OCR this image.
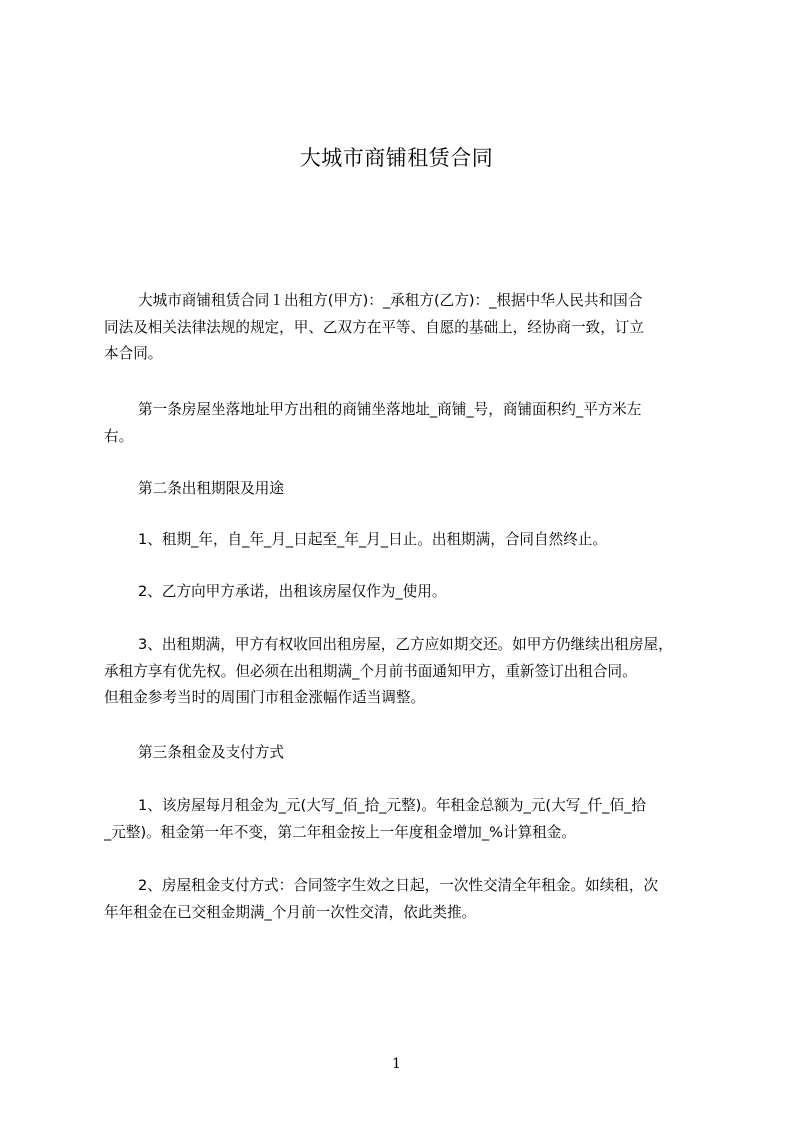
大城市商铺租赁合同

大城市商铺租赁合同１出租方(甲方)：_承租方(乙方)：_根据中华人民共和国合
同法及相关法律法规的规定，甲、乙双方在平等、自愿的基础上，经协商一致，订立
本合同。

第一条房屋坐落地址甲方出租的商铺坐落地址_商铺_号，商铺面积约_平方米左
右。

第二条出租期限及用途

1、租期_年，自_年_月_日起至_年_月_日止。出租期满，合同自然终止。

2、乙方向甲方承诺，出租该房屋仅作为_使用。

3、出租期满，甲方有权收回出租房屋，乙方应如期交还。如甲方仍继续出租房屋，
承租方享有优先权。但必须在出租期满_个月前书面通知甲方，重新签订出租合同。
但租金参考当时的周围门市租金涨幅作适当调整。

第三条租金及支付方式

1、该房屋每月租金为_元(大写_佰_拾_元整)。年租金总额为_元(大写_仟_佰_拾
_元整)。租金第一年不变，第二年租金按上一年度租金增加_%计算租金。

2、房屋租金支付方式：合同签字生效之日起，一次性交清全年租金。如续租，次
年年租金在已交租金期满_个月前一次性交清，依此类推。

1
